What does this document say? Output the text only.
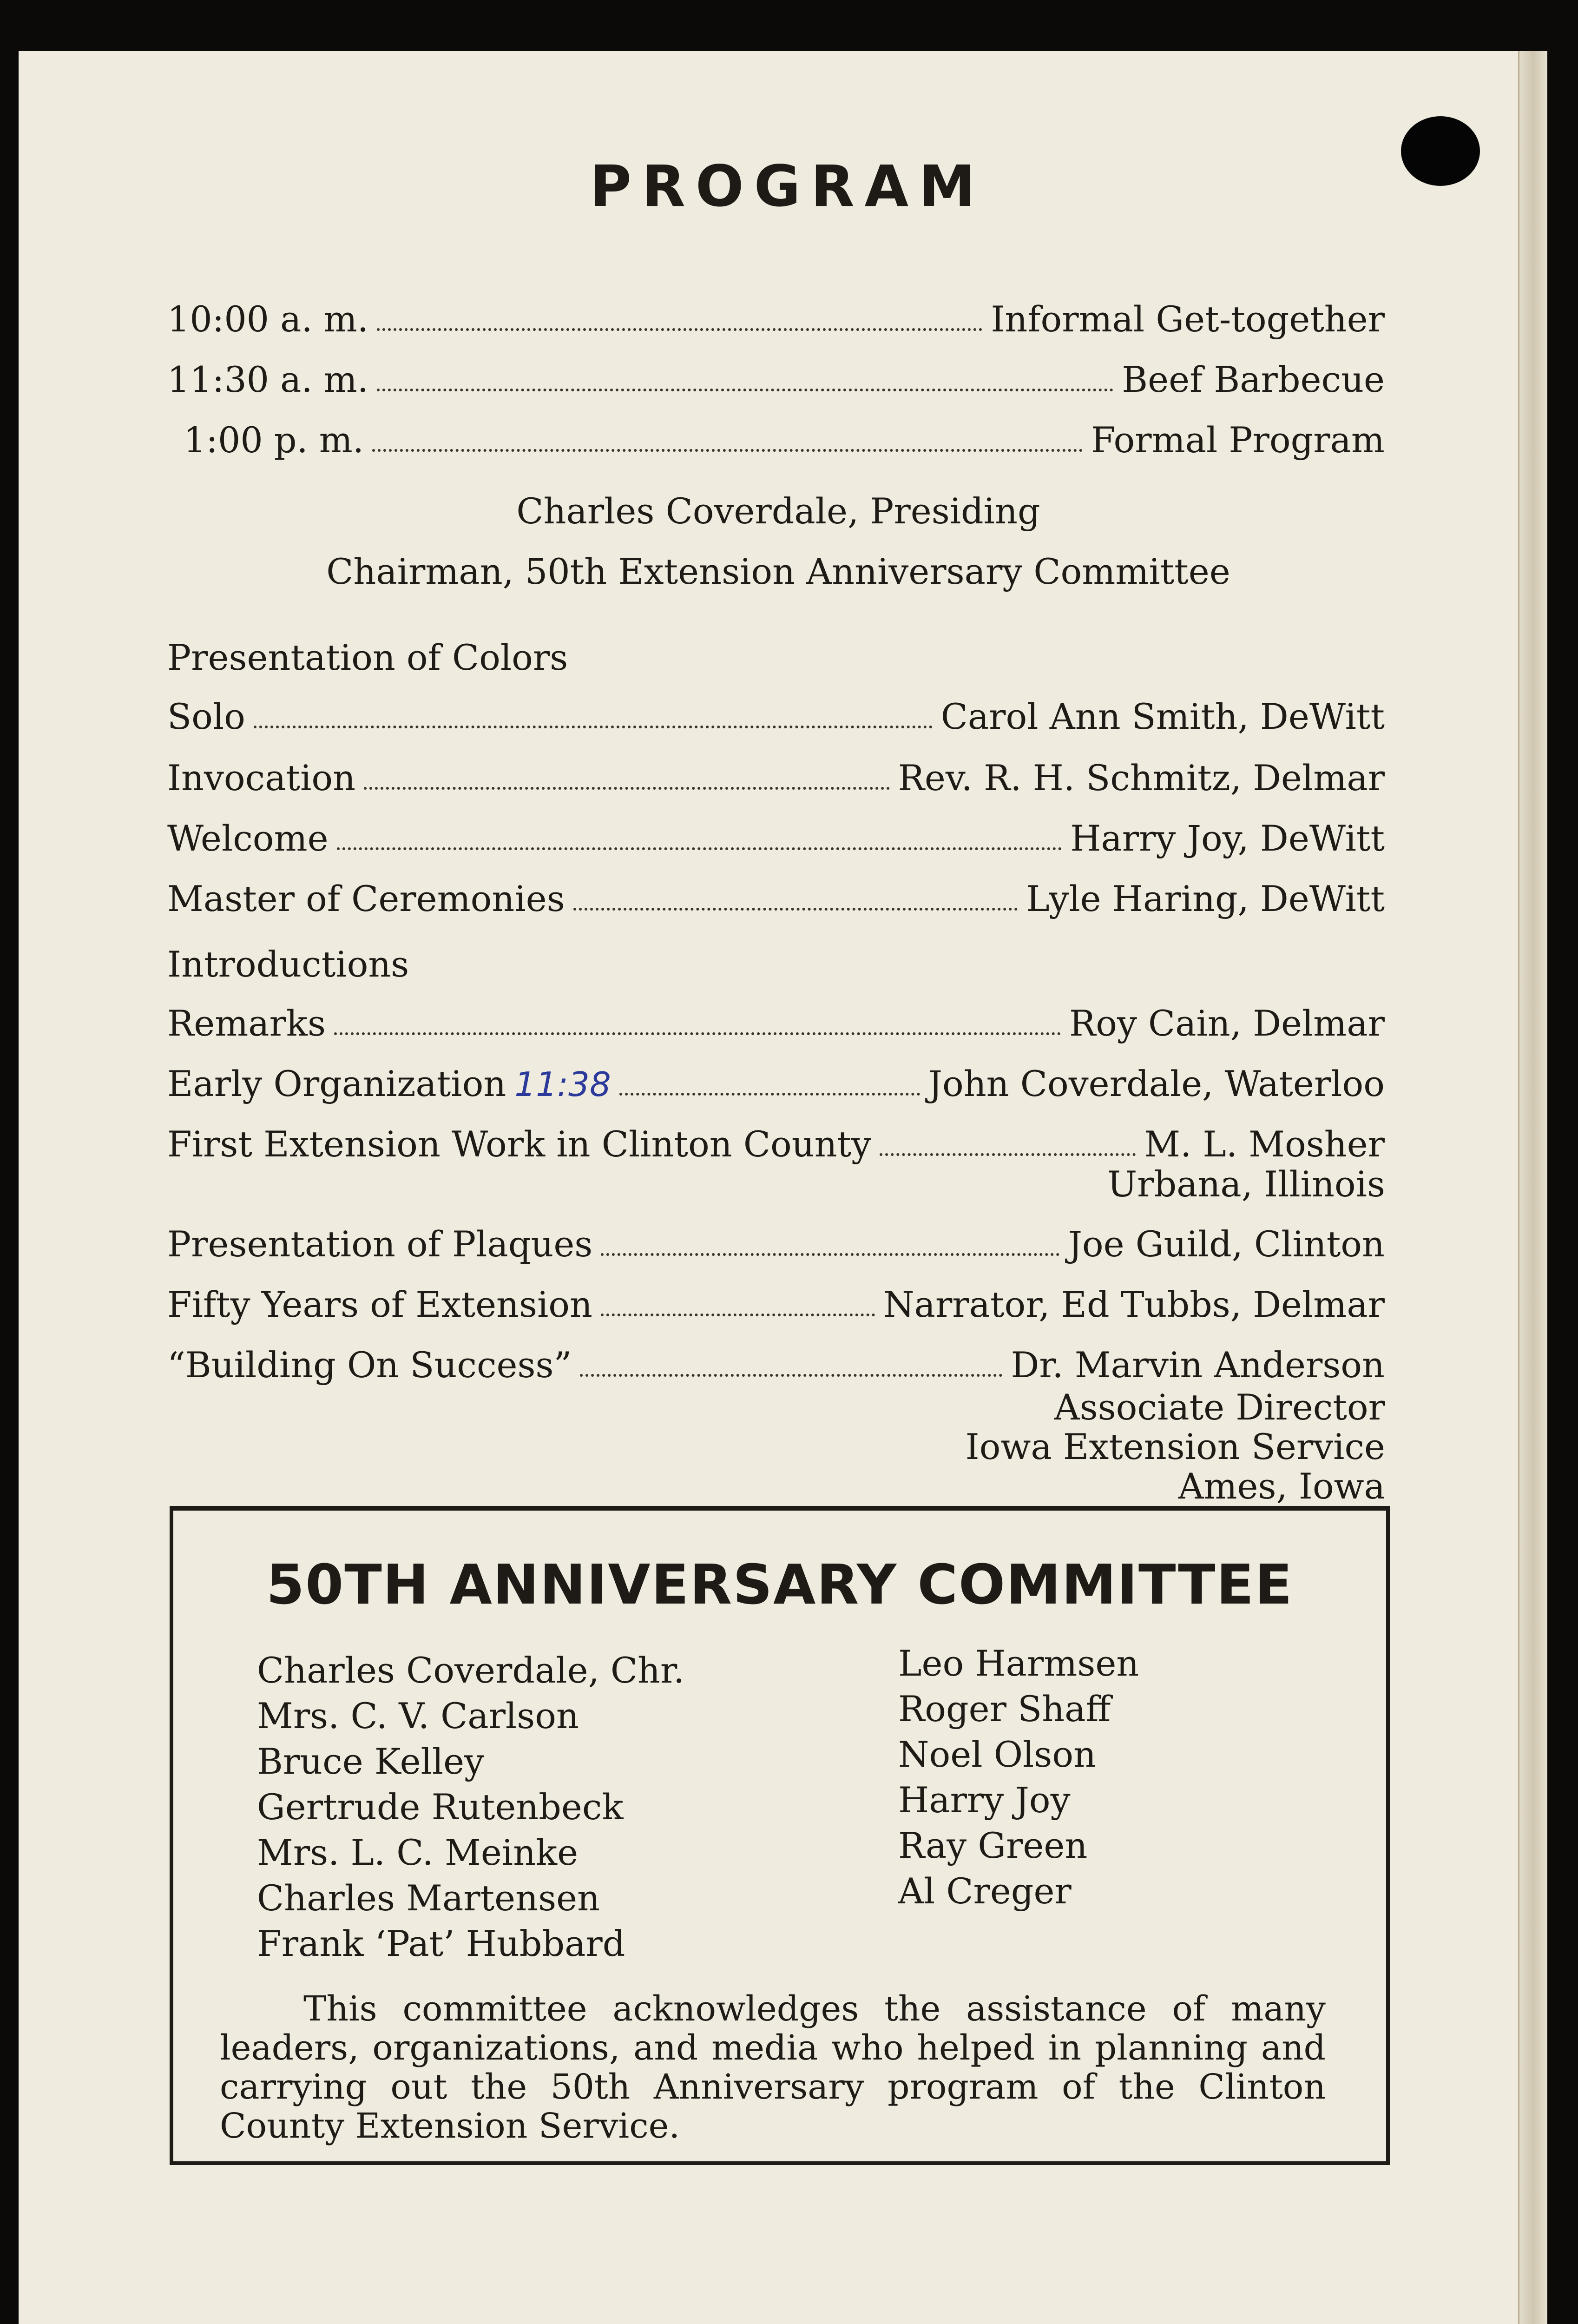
PROGRAM
10:00 a. m.	Informal Get-together
11:30 a. m.	Beef Barbecue
1:00 p. m.	Formal Program
Charles Coverdale, Presiding
Chairman, 50th Extension Anniversary Committee
Presentation of Colors
Solo	Carol Ann Smith, DeWitt
Invocation	Rev. R. H. Schmitz, Delmar
Welcome	Harry Joy, DeWitt
Master of Ceremonies	Lyle Haring, DeWitt
Introductions
Remarks	Roy Cain, Delmar
Early Organization 11:38	John Coverdale, Waterloo
First Extension Work in Clinton County	M. L. Mosher
Urbana, Illinois
Presentation of Plaques	Joe Guild, Clinton
Fifty Years of Extension	Narrator, Ed Tubbs, Delmar
“Building On Success”	Dr. Marvin Anderson
Associate Director
Iowa Extension Service
Ames, Iowa
50TH ANNIVERSARY COMMITTEE
Charles Coverdale, Chr.
Mrs. C. V. Carlson
Bruce Kelley
Gertrude Rutenbeck
Mrs. L. C. Meinke
Charles Martensen
Frank ‘Pat’ Hubbard
Leo Harmsen
Roger Shaff
Noel Olson
Harry Joy
Ray Green
Al Creger
This committee acknowledges the assistance of many leaders, organizations, and media who helped in planning and carrying out the 50th Anniversary program of the Clinton County Extension Service.
